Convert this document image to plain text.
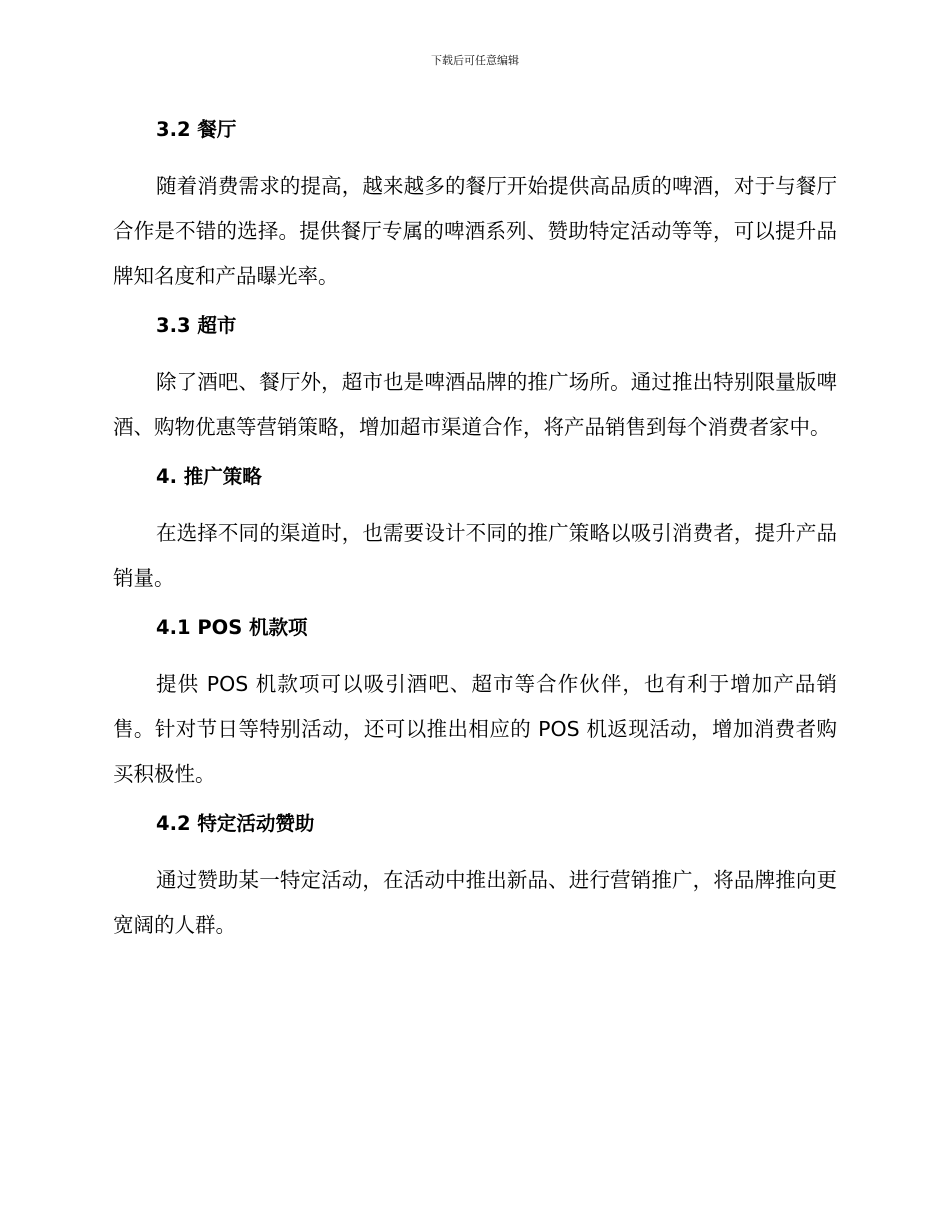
下载后可任意编辑
3.2 餐厅

随着消费需求的提高，越来越多的餐厅开始提供高品质的啤酒，对于与餐厅合作是不错的选择。提供餐厅专属的啤酒系列、赞助特定活动等等，可以提升品牌知名度和产品曝光率。

3.3 超市

除了酒吧、餐厅外，超市也是啤酒品牌的推广场所。通过推出特别限量版啤酒、购物优惠等营销策略，增加超市渠道合作，将产品销售到每个消费者家中。

4. 推广策略

在选择不同的渠道时，也需要设计不同的推广策略以吸引消费者，提升产品销量。

4.1 POS 机款项

提供 POS 机款项可以吸引酒吧、超市等合作伙伴，也有利于增加产品销售。针对节日等特别活动，还可以推出相应的 POS 机返现活动，增加消费者购买积极性。

4.2 特定活动赞助

通过赞助某一特定活动，在活动中推出新品、进行营销推广，将品牌推向更宽阔的人群。
